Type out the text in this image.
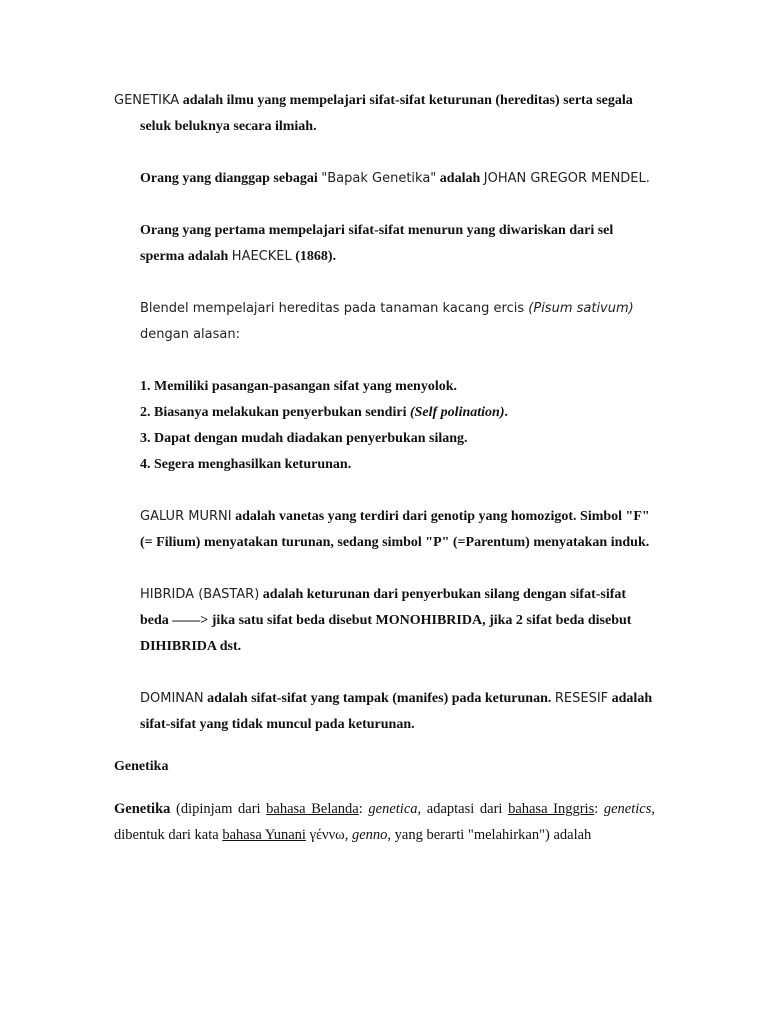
GENETIKA adalah ilmu yang mempelajari sifat-sifat keturunan (hereditas) serta segala seluk beluknya secara ilmiah.

Orang yang dianggap sebagai "Bapak Genetika" adalah JOHAN GREGOR MENDEL.

Orang yang pertama mempelajari sifat-sifat menurun yang diwariskan dari sel sperma adalah HAECKEL (1868).

Blendel mempelajari hereditas pada tanaman kacang ercis (Pisum sativum) dengan alasan:

1. Memiliki pasangan-pasangan sifat yang menyolok.

2. Biasanya melakukan penyerbukan sendiri (Self polination).

3. Dapat dengan mudah diadakan penyerbukan silang.

4. Segera menghasilkan keturunan.

GALUR MURNI adalah vanetas yang terdiri dari genotip yang homozigot. Simbol "F" (= Filium) menyatakan turunan, sedang simbol "P" (=Parentum) menyatakan induk.

HIBRIDA (BASTAR) adalah keturunan dari penyerbukan silang dengan sifat-sifat beda ——> jika satu sifat beda disebut MONOHIBRIDA, jika 2 sifat beda disebut DIHIBRIDA dst.

DOMINAN adalah sifat-sifat yang tampak (manifes) pada keturunan. RESESIF adalah sifat-sifat yang tidak muncul pada keturunan.

Genetika

Genetika (dipinjam dari bahasa Belanda: genetica, adaptasi dari bahasa Inggris: genetics, dibentuk dari kata bahasa Yunani γέννω, genno, yang berarti "melahirkan") adalah
